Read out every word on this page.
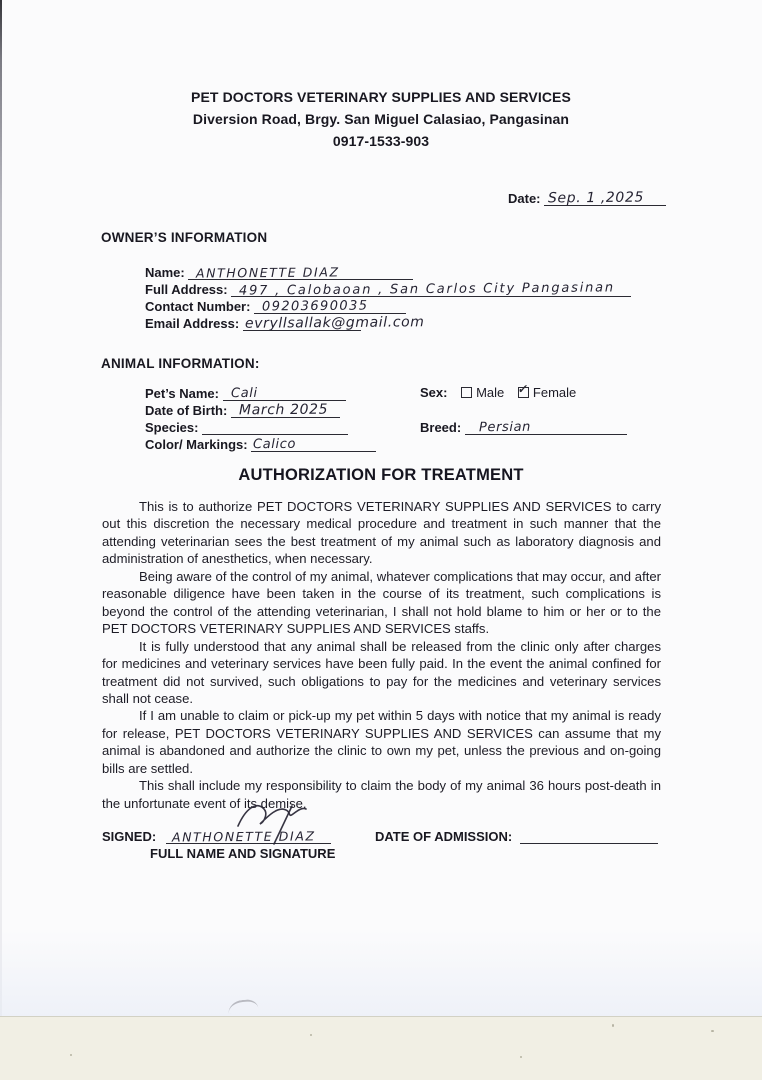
PET DOCTORS VETERINARY SUPPLIES AND SERVICES
Diversion Road, Brgy. San Miguel Calasiao, Pangasinan
0917-1533-903
Date: Sep. 1 ,2025
OWNER’S INFORMATION
Name: ANTHONETTE DIAZ
Full Address: 497 , Calobaoan , San Carlos City Pangasinan
Contact Number: 09203690035
Email Address: evryllsallak@gmail.com
ANIMAL INFORMATION:
Pet’s Name: Cali	Sex: Male ✓ Female
Date of Birth: March 2025
Species:	Breed: Persian
Color/ Markings: Calico
AUTHORIZATION FOR TREATMENT

This is to authorize PET DOCTORS VETERINARY SUPPLIES AND SERVICES to carry out this discretion the necessary medical procedure and treatment in such manner that the attending veterinarian sees the best treatment of my animal such as laboratory diagnosis and administration of anesthetics, when necessary.

Being aware of the control of my animal, whatever complications that may occur, and after reasonable diligence have been taken in the course of its treatment, such complications is beyond the control of the attending veterinarian, I shall not hold blame to him or her or to the PET DOCTORS VETERINARY SUPPLIES AND SERVICES staffs.

It is fully understood that any animal shall be released from the clinic only after charges for medicines and veterinary services have been fully paid. In the event the animal confined for treatment did not survived, such obligations to pay for the medicines and veterinary services shall not cease.

If I am unable to claim or pick-up my pet within 5 days with notice that my animal is ready for release, PET DOCTORS VETERINARY SUPPLIES AND SERVICES can assume that my animal is abandoned and authorize the clinic to own my pet, unless the previous and on-going bills are settled.

This shall include my responsibility to claim the body of my animal 36 hours post-death in the unfortunate event of its demise.

SIGNED: ANTHONETTE DIAZ
FULL NAME AND SIGNATURE
DATE OF ADMISSION:
